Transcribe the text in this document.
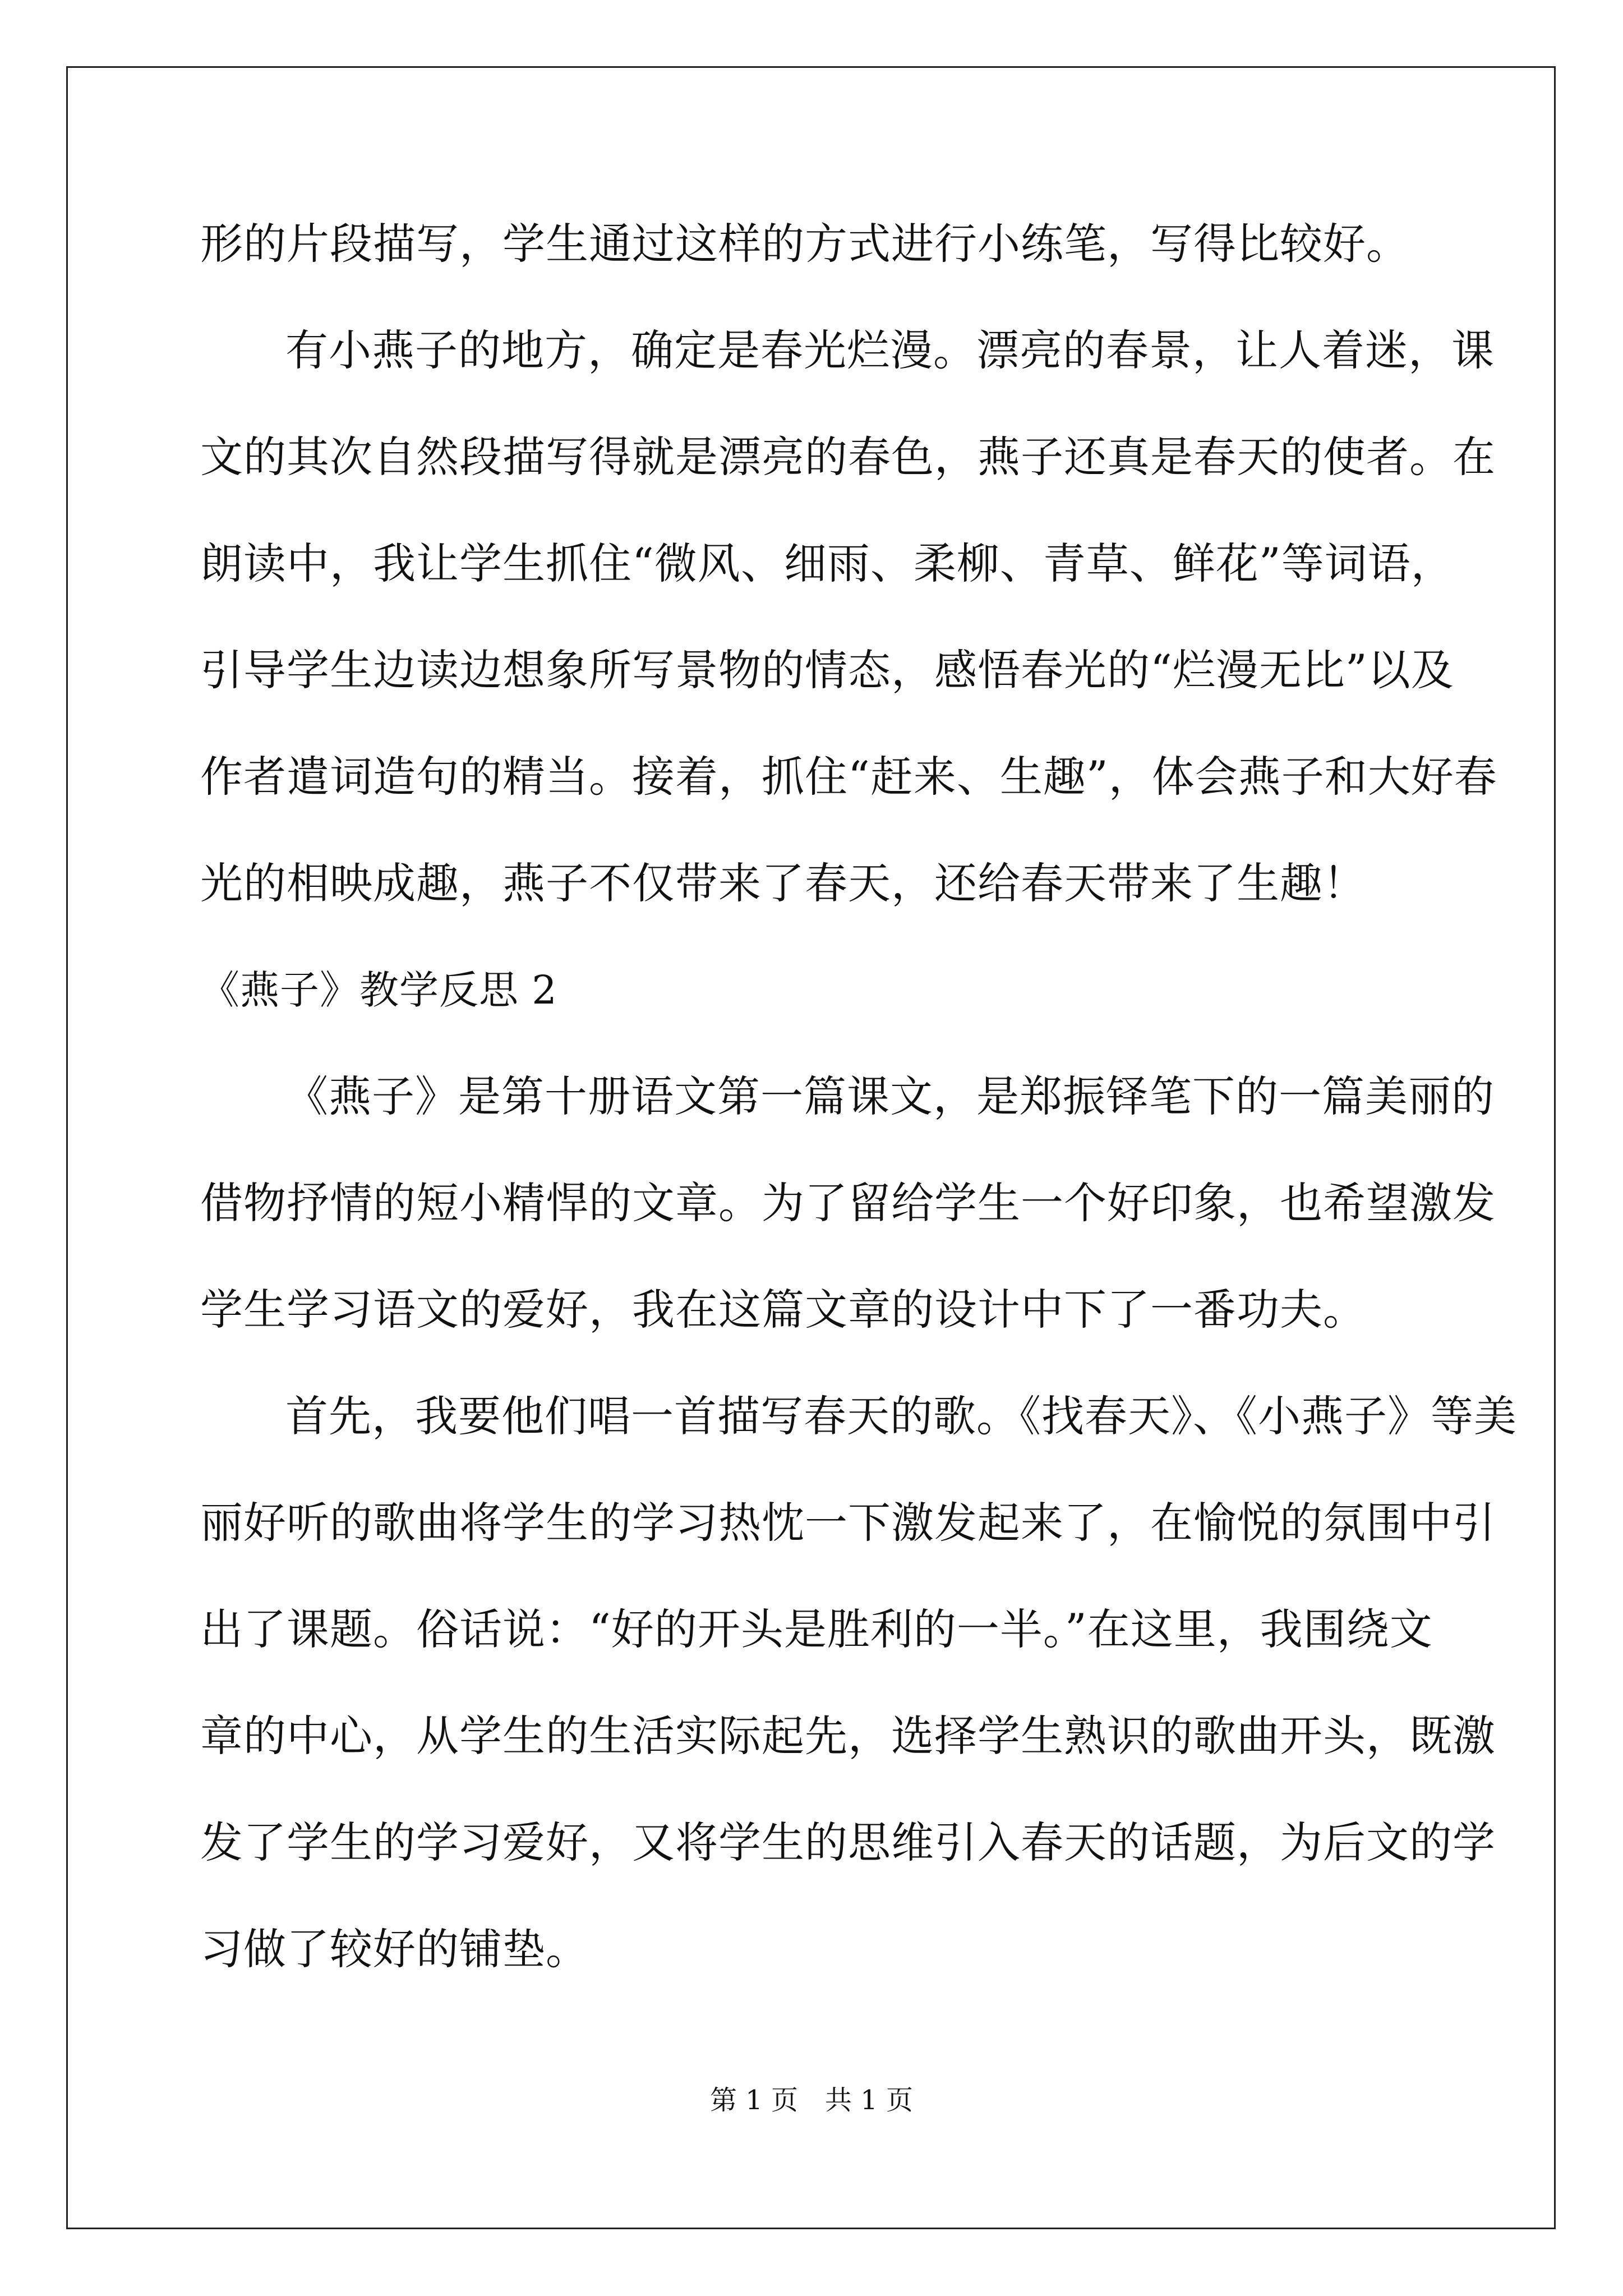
形的片段描写，学生通过这样的方式进行小练笔，写得比较好。
有小燕子的地方，确定是春光烂漫。漂亮的春景，让人着迷，课
文的其次自然段描写得就是漂亮的春色，燕子还真是春天的使者。在
朗读中，我让学生抓住“微风、细雨、柔柳、青草、鲜花”等词语，
引导学生边读边想象所写景物的情态，感悟春光的“烂漫无比”以及
作者遣词造句的精当。接着，抓住“赶来、生趣”，体会燕子和大好春
光的相映成趣，燕子不仅带来了春天，还给春天带来了生趣！
《燕子》教学反思 2
《燕子》是第十册语文第一篇课文，是郑振铎笔下的一篇美丽的
借物抒情的短小精悍的文章。为了留给学生一个好印象，也希望激发
学生学习语文的爱好，我在这篇文章的设计中下了一番功夫。
首先，我要他们唱一首描写春天的歌。《找春天》、《小燕子》等美
丽好听的歌曲将学生的学习热忱一下激发起来了，在愉悦的氛围中引
出了课题。俗话说：“好的开头是胜利的一半。”在这里，我围绕文
章的中心，从学生的生活实际起先，选择学生熟识的歌曲开头，既激
发了学生的学习爱好，又将学生的思维引入春天的话题，为后文的学
习做了较好的铺垫。
第 1 页　共 1 页
